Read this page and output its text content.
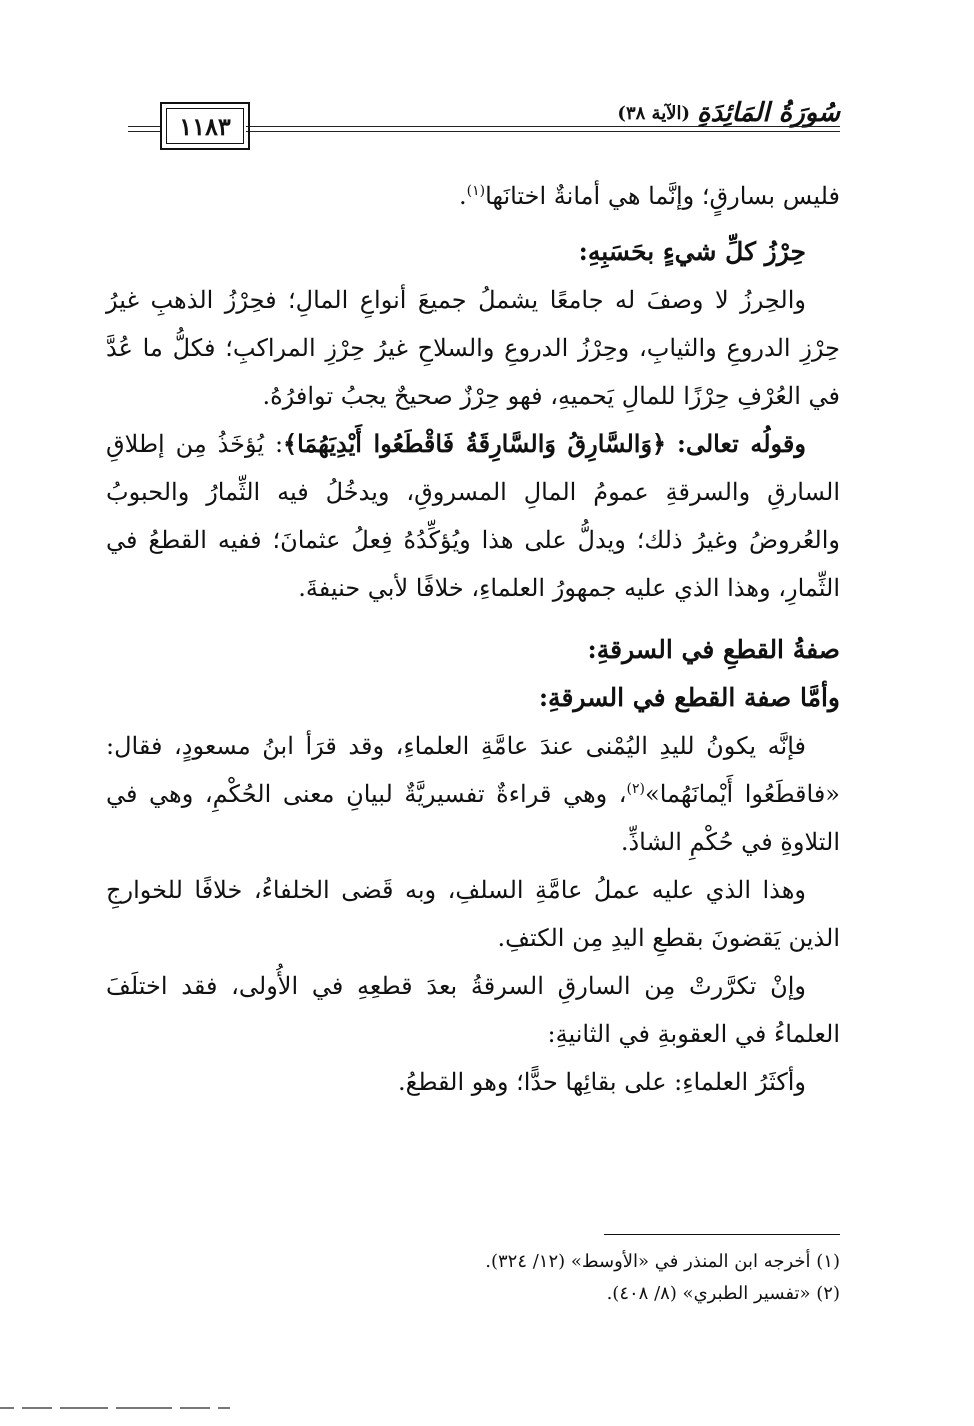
سُورَةُ المَائِدَةِ
(الآية ٣٨)
١١٨٣

فليس بسارقٍ؛ وإنَّما هي أمانةٌ اختانَها$^{(١)}$.

حِرْزُ كلِّ شيءٍ بحَسَبِهِ:

والحِرزُ لا وصفَ له جامعًا يشملُ جميعَ أنواعِ المالِ؛ فحِرْزُ الذهبِ غيرُ حِرْزِ الدروعِ والثيابِ، وحِرْزُ الدروعِ والسلاحِ غيرُ حِرْزِ المراكبِ؛ فكلُّ ما عُدَّ في العُرْفِ حِرْزًا للمالِ يَحميهِ، فهو حِرْزٌ صحيحٌ يجبُ توافرُهُ.

وقولُه تعالى: ﴿وَالسَّارِقُ وَالسَّارِقَةُ فَاقْطَعُوا أَيْدِيَهُمَا﴾: يُؤخَذُ مِن إطلاقِ السارقِ والسرقةِ عمومُ المالِ المسروقِ، ويدخُلُ فيه الثِّمارُ والحبوبُ والعُروضُ وغيرُ ذلك؛ ويدلُّ على هذا ويُؤكِّدُهُ فِعلُ عثمانَ؛ ففيه القطعُ في الثِّمارِ، وهذا الذي عليه جمهورُ العلماءِ، خلافًا لأبي حنيفةَ.

صفةُ القطعِ في السرقةِ:

وأمَّا صفة القطع في السرقةِ:

فإنَّه يكونُ لليدِ اليُمْنى عندَ عامَّةِ العلماءِ، وقد قرَأ ابنُ مسعودٍ، فقال: «فاقطَعُوا أَيْمانَهُما»$^{(٢)}$، وهي قراءةٌ تفسيريَّةٌ لبيانِ معنى الحُكْمِ، وهي في التلاوةِ في حُكْمِ الشاذِّ.

وهذا الذي عليه عملُ عامَّةِ السلفِ، وبه قَضى الخلفاءُ، خلافًا للخوارجِ الذين يَقضونَ بقطعِ اليدِ مِن الكتفِ.

وإنْ تكرَّرتْ مِن السارقِ السرقةُ بعدَ قطعِهِ في الأُولى، فقد اختلَفَ العلماءُ في العقوبةِ في الثانيةِ:

وأكثَرُ العلماءِ: على بقائِها حدًّا؛ وهو القطعُ.

(١) أخرجه ابن المنذر في «الأوسط» (١٢/ ٣٢٤).

(٢) «تفسير الطبري» (٨/ ٤٠٨).
